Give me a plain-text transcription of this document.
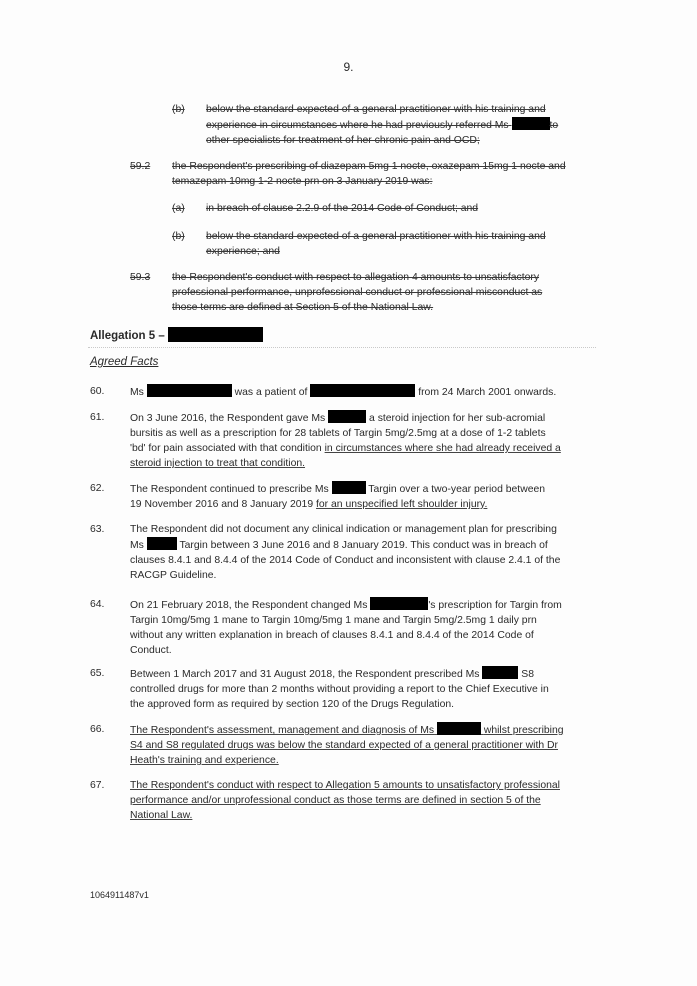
9.
(b) below the standard expected of a general practitioner with his training and
experience in circumstances where he had previously referred Ms	to
other specialists for treatment of her chronic pain and OCD;
59.2 the Respondent's prescribing of diazepam 5mg 1 nocte, oxazepam 15mg 1 nocte and
temazepam 10mg 1-2 nocte prn on 3 January 2019 was:
(a) in breach of clause 2.2.9 of the 2014 Code of Conduct; and
(b) below the standard expected of a general practitioner with his training and
experience; and
59.3 the Respondent's conduct with respect to allegation 4 amounts to unsatisfactory
professional performance, unprofessional conduct or professional misconduct as
those terms are defined at Section 5 of the National Law.
Allegation 5 –
Agreed Facts
60.	Ms	was a patient of	from 24 March 2001 onwards.
61.	On 3 June 2016, the Respondent gave Ms	a steroid injection for her sub-acromial
bursitis as well as a prescription for 28 tablets of Targin 5mg/2.5mg at a dose of 1-2 tablets
'bd' for pain associated with that condition in circumstances where she had already received a
steroid injection to treat that condition.
62.	The Respondent continued to prescribe Ms	Targin over a two-year period between
19 November 2016 and 8 January 2019 for an unspecified left shoulder injury.
63.	The Respondent did not document any clinical indication or management plan for prescribing
Ms	Targin between 3 June 2016 and 8 January 2019. This conduct was in breach of
clauses 8.4.1 and 8.4.4 of the 2014 Code of Conduct and inconsistent with clause 2.4.1 of the
RACGP Guideline.
64.	On 21 February 2018, the Respondent changed Ms	's prescription for Targin from
Targin 10mg/5mg 1 mane to Targin 10mg/5mg 1 mane and Targin 5mg/2.5mg 1 daily prn
without any written explanation in breach of clauses 8.4.1 and 8.4.4 of the 2014 Code of
Conduct.
65.	Between 1 March 2017 and 31 August 2018, the Respondent prescribed Ms	S8
controlled drugs for more than 2 months without providing a report to the Chief Executive in
the approved form as required by section 120 of the Drugs Regulation.
66.	The Respondent's assessment, management and diagnosis of Ms	whilst prescribing
S4 and S8 regulated drugs was below the standard expected of a general practitioner with Dr
Heath's training and experience.
67.	The Respondent's conduct with respect to Allegation 5 amounts to unsatisfactory professional
performance and/or unprofessional conduct as those terms are defined in section 5 of the
National Law.
1064911487v1
